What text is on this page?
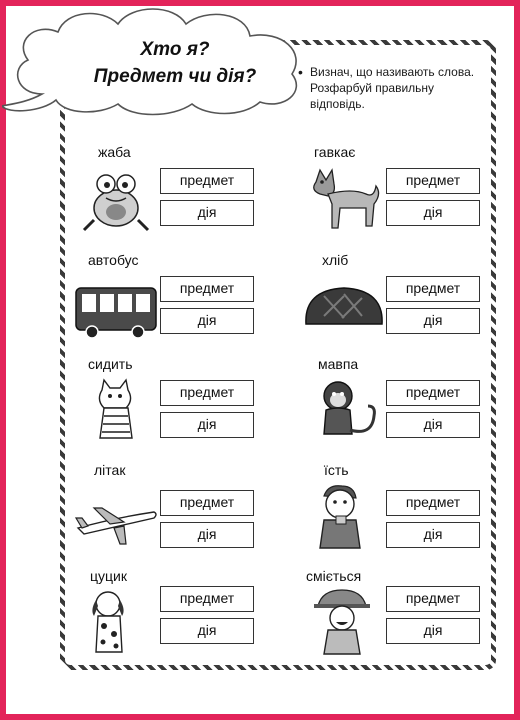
Хто я?
Предмет чи дія?	• Визнач, що називають слова. Розфарбуй правильну відповідь.
жаба
предмет
дія
гавкає
предмет
дія
автобус
предмет
дія
хліб
предмет
дія
сидить
предмет
дія
мавпа
предмет
дія
літак
предмет
дія
їсть
предмет
дія
цуцик
предмет
дія
сміється
предмет
дія
